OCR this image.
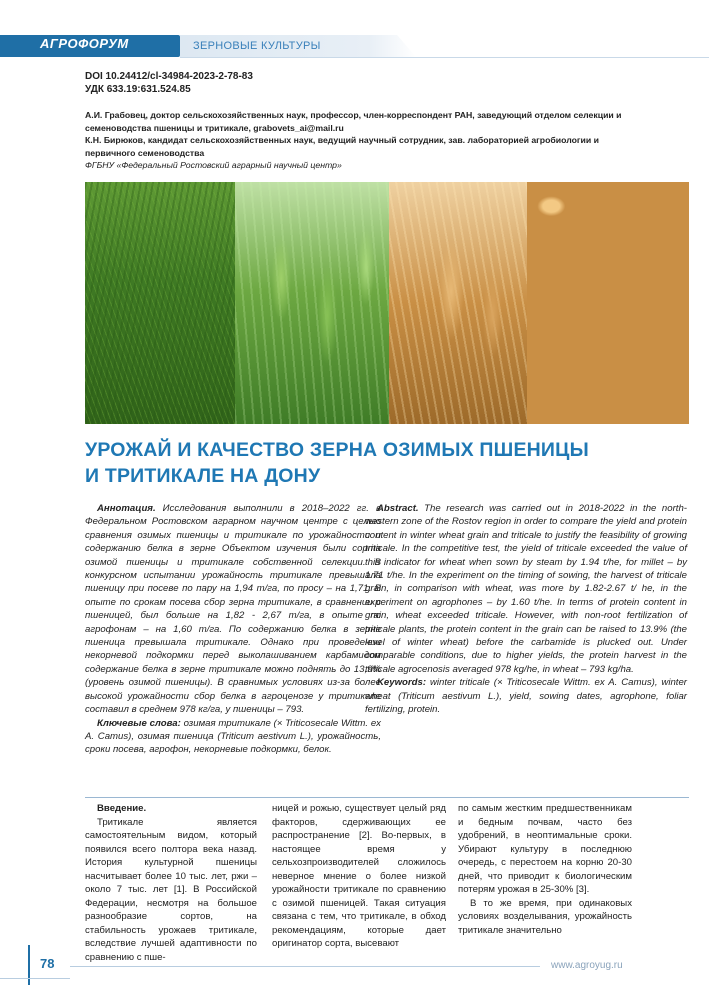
АГРОФОРУМ	ЗЕРНОВЫЕ КУЛЬТУРЫ
DOI 10.24412/cl-34984-2023-2-78-83
УДК 633.19:631.524.85
А.И. Грабовец, доктор сельскохозяйственных наук, профессор, член-корреспондент РАН, заведующий отделом селекции и семеноводства пшеницы и тритикале, grabovets_ai@mail.ru
К.Н. Бирюков, кандидат сельскохозяйственных наук, ведущий научный сотрудник, зав. лабораторией агробиологии и первичного семеноводства
ФГБНУ «Федеральный Ростовский аграрный научный центр»
УРОЖАЙ И КАЧЕСТВО ЗЕРНА ОЗИМЫХ ПШЕНИЦЫ
И ТРИТИКАЛЕ НА ДОНУ

Аннотация. Исследования выполнили в 2018–2022 гг. в Федеральном Ростовском аграрном научном центре с целью сравнения озимых пшеницы и тритикале по урожайности и содержанию белка в зерне Объектом изучения были сорта озимой пшеницы и тритикале собственной селекции. В конкурсном испытании урожайность тритикале превышала пшеницу при посеве по пару на 1,94 т/га, по просу – на 1,71. В опыте по срокам посева сбор зерна тритикале, в сравнении с пшеницей, был больше на 1,82 - 2,67 т/га, в опыте по агрофонам – на 1,60 т/га. По содержанию белка в зерне пшеница превышала тритикале. Однако при проведении некорневой подкормки перед выколашиванием карбамидом содержание белка в зерне тритикале можно поднять до 13,9% (уровень озимой пшеницы). В сравнимых условиях из-за более высокой урожайности сбор белка в агроценозе у тритикале составил в среднем 978 кг/га, у пшеницы – 793.

Ключевые слова: озимая тритикале (× Triticosecale Wittm. ex A. Camus), озимая пшеница (Triticum aestivum L.), урожайность, сроки посева, агрофон, некорневые подкормки, белок.

Abstract. The research was carried out in 2018-2022 in the north-western zone of the Rostov region in order to compare the yield and protein content in winter wheat grain and triticale to justify the feasibility of growing triticale. In the competitive test, the yield of triticale exceeded the value of this indicator for wheat when sown by steam by 1.94 t/he, for millet – by 1.71 t/he. In the experiment on the timing of sowing, the harvest of triticale grain, in comparison with wheat, was more by 1.82-2.67 t/ he, in the experiment on agrophones – by 1.60 t/he. In terms of protein content in grain, wheat exceeded triticale. However, with non-root fertilization of triticale plants, the protein content in the grain can be raised to 13.9% (the level of winter wheat) before the carbamide is plucked out. Under comparable conditions, due to higher yields, the protein harvest in the triticale agrocenosis averaged 978 kg/he, in wheat – 793 kg/ha.

Keywords: winter triticale (× Triticosecale Wittm. ex A. Camus), winter wheat (Triticum aestivum L.), yield, sowing dates, agrophone, foliar fertilizing, protein.

Введение.

Тритикале является самостоятельным видом, который появился всего полтора века назад. История культурной пшеницы насчитывает более 10 тыс. лет, ржи – около 7 тыс. лет [1]. В Российской Федерации, несмотря на большое разнообразие сортов, на стабильность урожаев тритикале, вследствие лучшей адаптивности по сравнению с пше-

ницей и рожью, существует целый ряд факторов, сдерживающих ее распространение [2]. Во-первых, в настоящее время у сельхозпроизводителей сложилось неверное мнение о более низкой урожайности тритикале по сравнению с озимой пшеницей. Такая ситуация связана с тем, что тритикале, в обход рекомендациям, которые дает оригинатор сорта, высевают

по самым жестким предшественникам и бедным почвам, часто без удобрений, в неоптимальные сроки. Убирают культуру в последнюю очередь, с перестоем на корню 20-30 дней, что приводит к биологическим потерям урожая в 25-30% [3].

В то же время, при одинаковых условиях возделывания, урожайность тритикале значительно

78	www.agroyug.ru
